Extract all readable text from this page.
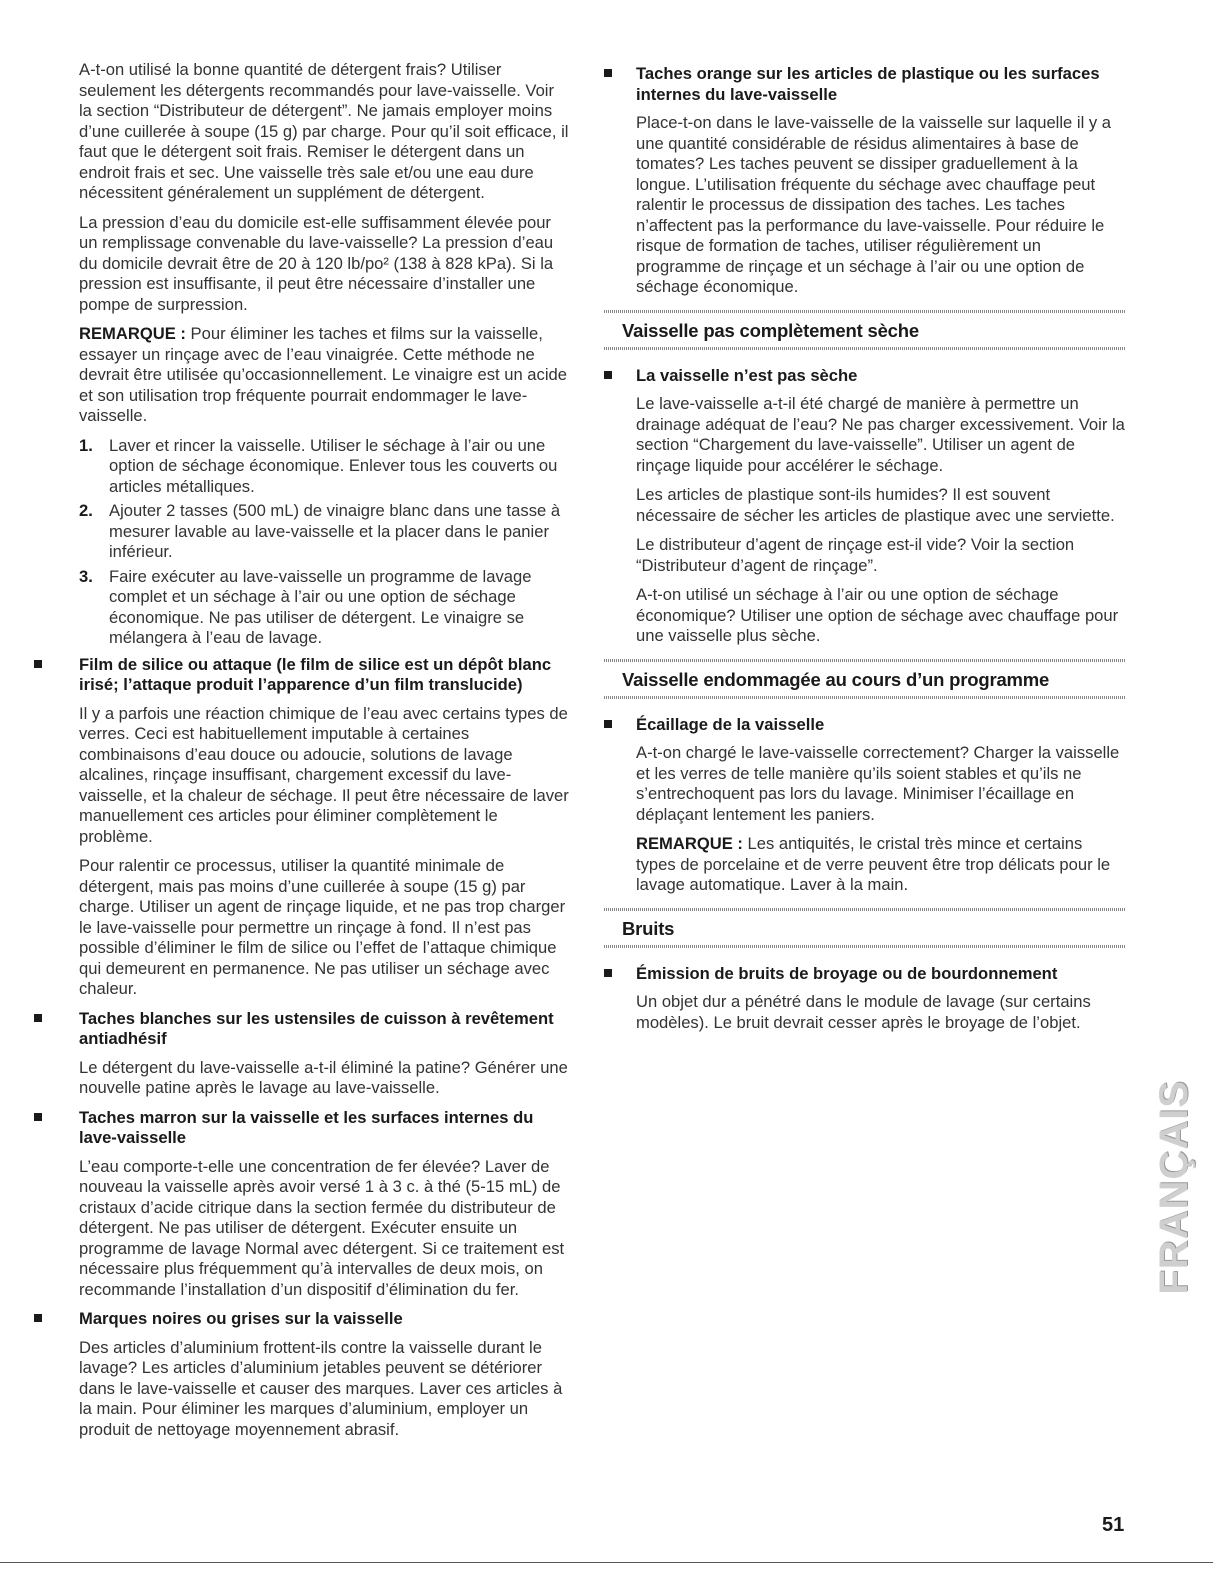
A-t-on utilisé la bonne quantité de détergent frais? Utiliser seulement les détergents recommandés pour lave-vaisselle. Voir la section “Distributeur de détergent”. Ne jamais employer moins d’une cuillerée à soupe (15 g) par charge. Pour qu’il soit efficace, il faut que le détergent soit frais. Remiser le détergent dans un endroit frais et sec. Une vaisselle très sale et/ou une eau dure nécessitent généralement un supplément de détergent.

La pression d’eau du domicile est-elle suffisamment élevée pour un remplissage convenable du lave-vaisselle? La pression d’eau du domicile devrait être de 20 à 120 lb/po² (138 à 828 kPa). Si la pression est insuffisante, il peut être nécessaire d’installer une pompe de surpression.

REMARQUE : Pour éliminer les taches et films sur la vaisselle, essayer un rinçage avec de l’eau vinaigrée. Cette méthode ne devrait être utilisée qu’occasionnellement. Le vinaigre est un acide et son utilisation trop fréquente pourrait endommager le lave-vaisselle.

1. Laver et rincer la vaisselle. Utiliser le séchage à l’air ou une option de séchage économique. Enlever tous les couverts ou articles métalliques.
2. Ajouter 2 tasses (500 mL) de vinaigre blanc dans une tasse à mesurer lavable au lave-vaisselle et la placer dans le panier inférieur.
3. Faire exécuter au lave-vaisselle un programme de lavage complet et un séchage à l’air ou une option de séchage économique. Ne pas utiliser de détergent. Le vinaigre se mélangera à l’eau de lavage.
Film de silice ou attaque (le film de silice est un dépôt blanc irisé; l’attaque produit l’apparence d’un film translucide)

Il y a parfois une réaction chimique de l’eau avec certains types de verres. Ceci est habituellement imputable à certaines combinaisons d’eau douce ou adoucie, solutions de lavage alcalines, rinçage insuffisant, chargement excessif du lave-vaisselle, et la chaleur de séchage. Il peut être nécessaire de laver manuellement ces articles pour éliminer complètement le problème.

Pour ralentir ce processus, utiliser la quantité minimale de détergent, mais pas moins d’une cuillerée à soupe (15 g) par charge. Utiliser un agent de rinçage liquide, et ne pas trop charger le lave-vaisselle pour permettre un rinçage à fond. Il n’est pas possible d’éliminer le film de silice ou l’effet de l’attaque chimique qui demeurent en permanence. Ne pas utiliser un séchage avec chaleur.

Taches blanches sur les ustensiles de cuisson à revêtement antiadhésif

Le détergent du lave-vaisselle a-t-il éliminé la patine? Générer une nouvelle patine après le lavage au lave-vaisselle.

Taches marron sur la vaisselle et les surfaces internes du lave-vaisselle

L’eau comporte-t-elle une concentration de fer élevée? Laver de nouveau la vaisselle après avoir versé 1 à 3 c. à thé (5-15 mL) de cristaux d’acide citrique dans la section fermée du distributeur de détergent. Ne pas utiliser de détergent. Exécuter ensuite un programme de lavage Normal avec détergent. Si ce traitement est nécessaire plus fréquemment qu’à intervalles de deux mois, on recommande l’installation d’un dispositif d’élimination du fer.

Marques noires ou grises sur la vaisselle

Des articles d’aluminium frottent-ils contre la vaisselle durant le lavage? Les articles d’aluminium jetables peuvent se détériorer dans le lave-vaisselle et causer des marques. Laver ces articles à la main. Pour éliminer les marques d’aluminium, employer un produit de nettoyage moyennement abrasif.

Taches orange sur les articles de plastique ou les surfaces internes du lave-vaisselle

Place-t-on dans le lave-vaisselle de la vaisselle sur laquelle il y a une quantité considérable de résidus alimentaires à base de tomates? Les taches peuvent se dissiper graduellement à la longue. L’utilisation fréquente du séchage avec chauffage peut ralentir le processus de dissipation des taches. Les taches n’affectent pas la performance du lave-vaisselle. Pour réduire le risque de formation de taches, utiliser régulièrement un programme de rinçage et un séchage à l’air ou une option de séchage économique.

Vaisselle pas complètement sèche
La vaisselle n’est pas sèche

Le lave-vaisselle a-t-il été chargé de manière à permettre un drainage adéquat de l’eau? Ne pas charger excessivement. Voir la section “Chargement du lave-vaisselle”. Utiliser un agent de rinçage liquide pour accélérer le séchage.

Les articles de plastique sont-ils humides? Il est souvent nécessaire de sécher les articles de plastique avec une serviette.

Le distributeur d’agent de rinçage est-il vide? Voir la section “Distributeur d’agent de rinçage”.

A-t-on utilisé un séchage à l’air ou une option de séchage économique? Utiliser une option de séchage avec chauffage pour une vaisselle plus sèche.

Vaisselle endommagée au cours d’un programme
Écaillage de la vaisselle

A-t-on chargé le lave-vaisselle correctement? Charger la vaisselle et les verres de telle manière qu’ils soient stables et qu’ils ne s’entrechoquent pas lors du lavage. Minimiser l’écaillage en déplaçant lentement les paniers.

REMARQUE : Les antiquités, le cristal très mince et certains types de porcelaine et de verre peuvent être trop délicats pour le lavage automatique. Laver à la main.

Bruits
Émission de bruits de broyage ou de bourdonnement

Un objet dur a pénétré dans le module de lavage (sur certains modèles). Le bruit devrait cesser après le broyage de l’objet.

FRANÇAIS
51
